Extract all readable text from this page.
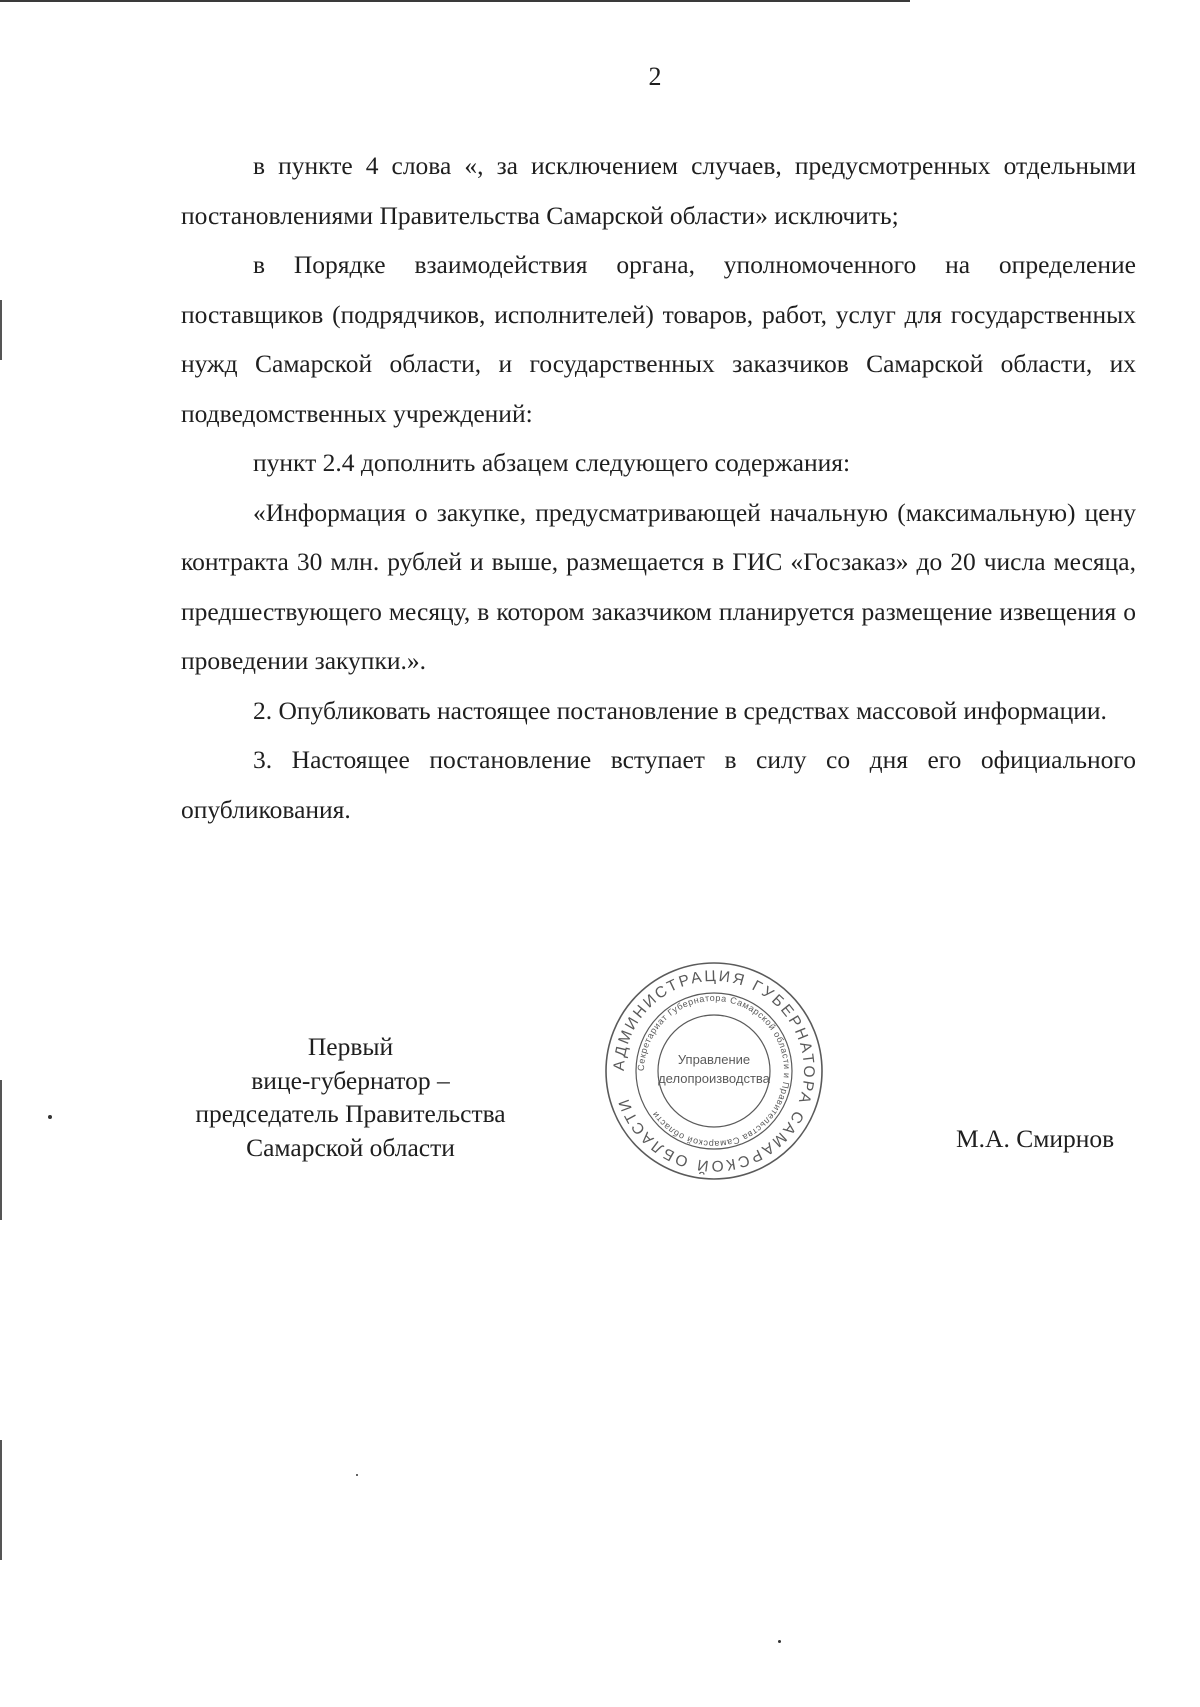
2

в пункте 4 слова «, за исключением случаев, предусмотренных отдельными постановлениями Правительства Самарской области» исключить;

в Порядке взаимодействия органа, уполномоченного на определение поставщиков (подрядчиков, исполнителей) товаров, работ, услуг для государственных нужд Самарской области, и государственных заказчиков Самарской области, их подведомственных учреждений:

пункт 2.4 дополнить абзацем следующего содержания:

«Информация о закупке, предусматривающей начальную (максимальную) цену контракта 30 млн. рублей и выше, размещается в ГИС «Госзаказ» до 20 числа месяца, предшествующего месяцу, в котором заказчиком планируется размещение извещения о проведении закупки.».

2. Опубликовать настоящее постановление в средствах массовой информации.

3. Настоящее постановление вступает в силу со дня его официального опубликования.

Первый
вице-губернатор –
председатель Правительства
Самарской области
АДМИНИСТРАЦИЯ ГУБЕРНАТОРА САМАРСКОЙ ОБЛАСТИ
Секретариат Губернатора Самарской области и Правительства Самарской области
Управление
делопроизводства
М.А. Смирнов
